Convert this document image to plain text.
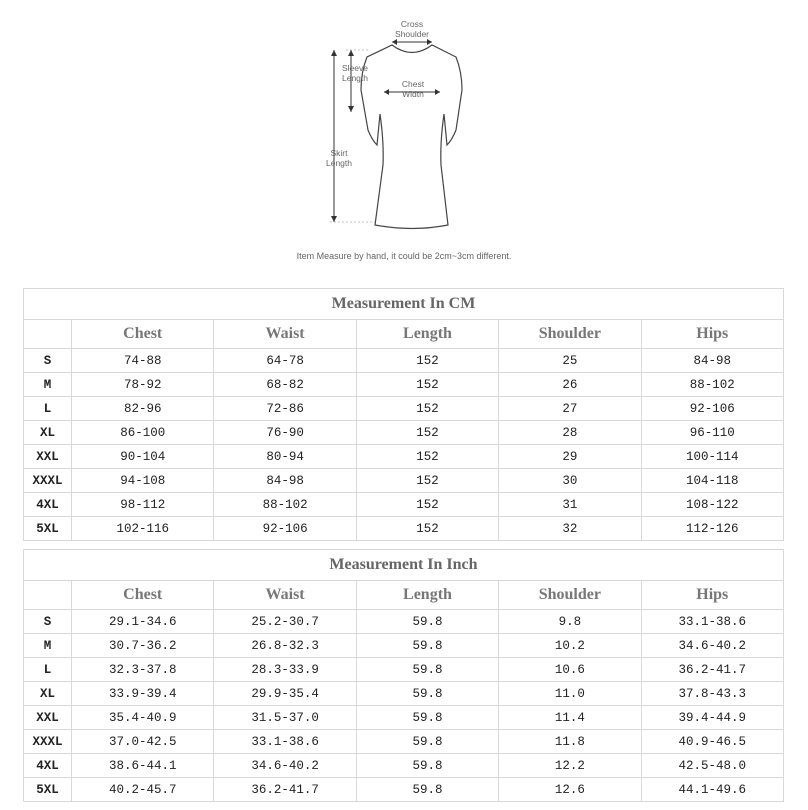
Cross
Shoulder
Sleeve
Length
Chest
Width
Skirt
Length
Item Measure by hand, it could be 2cm~3cm different.
Measurement In CM					
	Chest	Waist	Length	Shoulder	Hips
S	74-88	64-78	152	25	84-98
M	78-92	68-82	152	26	88-102
L	82-96	72-86	152	27	92-106
XL	86-100	76-90	152	28	96-110
XXL	90-104	80-94	152	29	100-114
XXXL	94-108	84-98	152	30	104-118
4XL	98-112	88-102	152	31	108-122
5XL	102-116	92-106	152	32	112-126
Measurement In Inch					
	Chest	Waist	Length	Shoulder	Hips
S	29.1-34.6	25.2-30.7	59.8	9.8	33.1-38.6
M	30.7-36.2	26.8-32.3	59.8	10.2	34.6-40.2
L	32.3-37.8	28.3-33.9	59.8	10.6	36.2-41.7
XL	33.9-39.4	29.9-35.4	59.8	11.0	37.8-43.3
XXL	35.4-40.9	31.5-37.0	59.8	11.4	39.4-44.9
XXXL	37.0-42.5	33.1-38.6	59.8	11.8	40.9-46.5
4XL	38.6-44.1	34.6-40.2	59.8	12.2	42.5-48.0
5XL	40.2-45.7	36.2-41.7	59.8	12.6	44.1-49.6
